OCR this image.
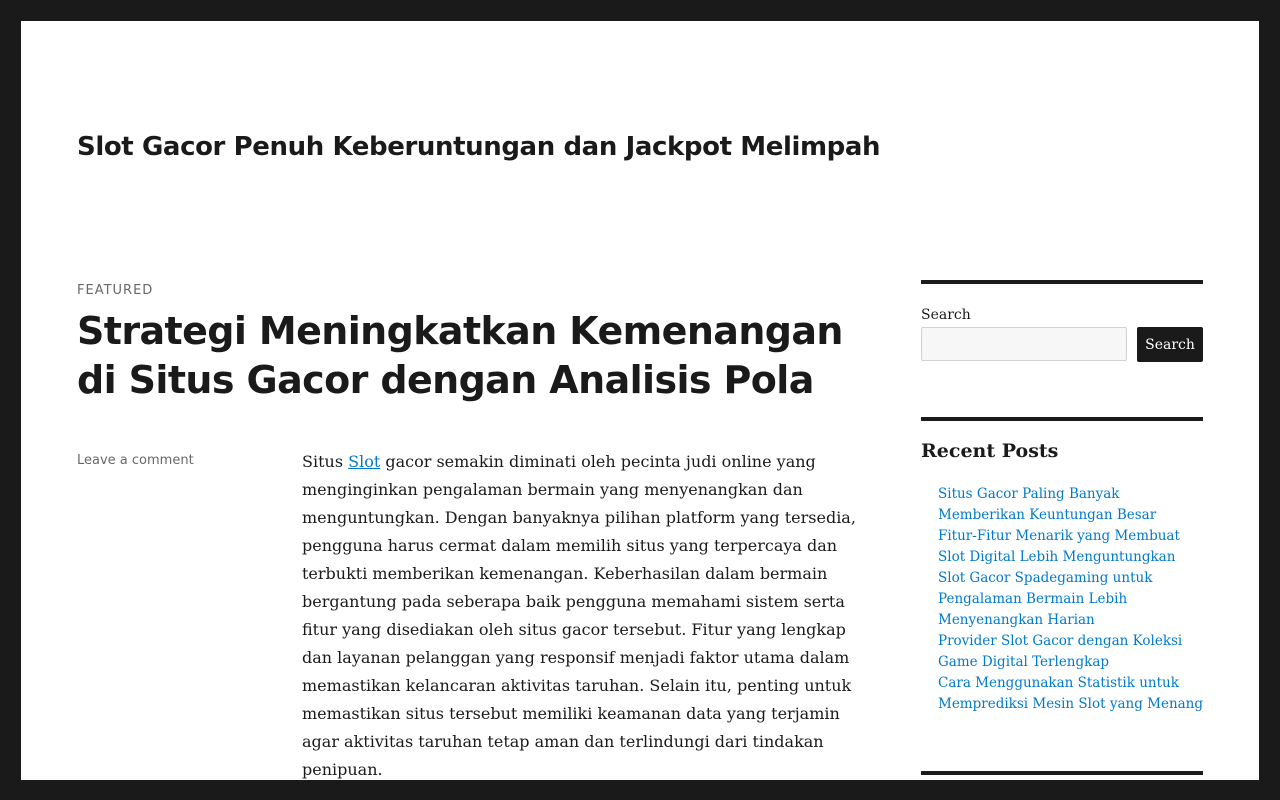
Slot Gacor Penuh Keberuntungan dan Jackpot Melimpah
FEATURED
Strategi Meningkatkan Kemenangan di Situs Gacor dengan Analisis Pola
Leave a comment	Situs Slot gacor semakin diminati oleh pecinta judi online yang menginginkan pengalaman bermain yang menyenangkan dan menguntungkan. Dengan banyaknya pilihan platform yang tersedia, pengguna harus cermat dalam memilih situs yang terpercaya dan terbukti memberikan kemenangan. Keberhasilan dalam bermain bergantung pada seberapa baik pengguna memahami sistem serta fitur yang disediakan oleh situs gacor tersebut. Fitur yang lengkap dan layanan pelanggan yang responsif menjadi faktor utama dalam memastikan kelancaran aktivitas taruhan. Selain itu, penting untuk memastikan situs tersebut memiliki keamanan data yang terjamin agar aktivitas taruhan tetap aman dan terlindungi dari tindakan penipuan.

Search
Search
Recent Posts
Situs Gacor Paling Banyak Memberikan Keuntungan Besar
Fitur-Fitur Menarik yang Membuat Slot Digital Lebih Menguntungkan
Slot Gacor Spadegaming untuk Pengalaman Bermain Lebih Menyenangkan Harian
Provider Slot Gacor dengan Koleksi Game Digital Terlengkap
Cara Menggunakan Statistik untuk Memprediksi Mesin Slot yang Menang
